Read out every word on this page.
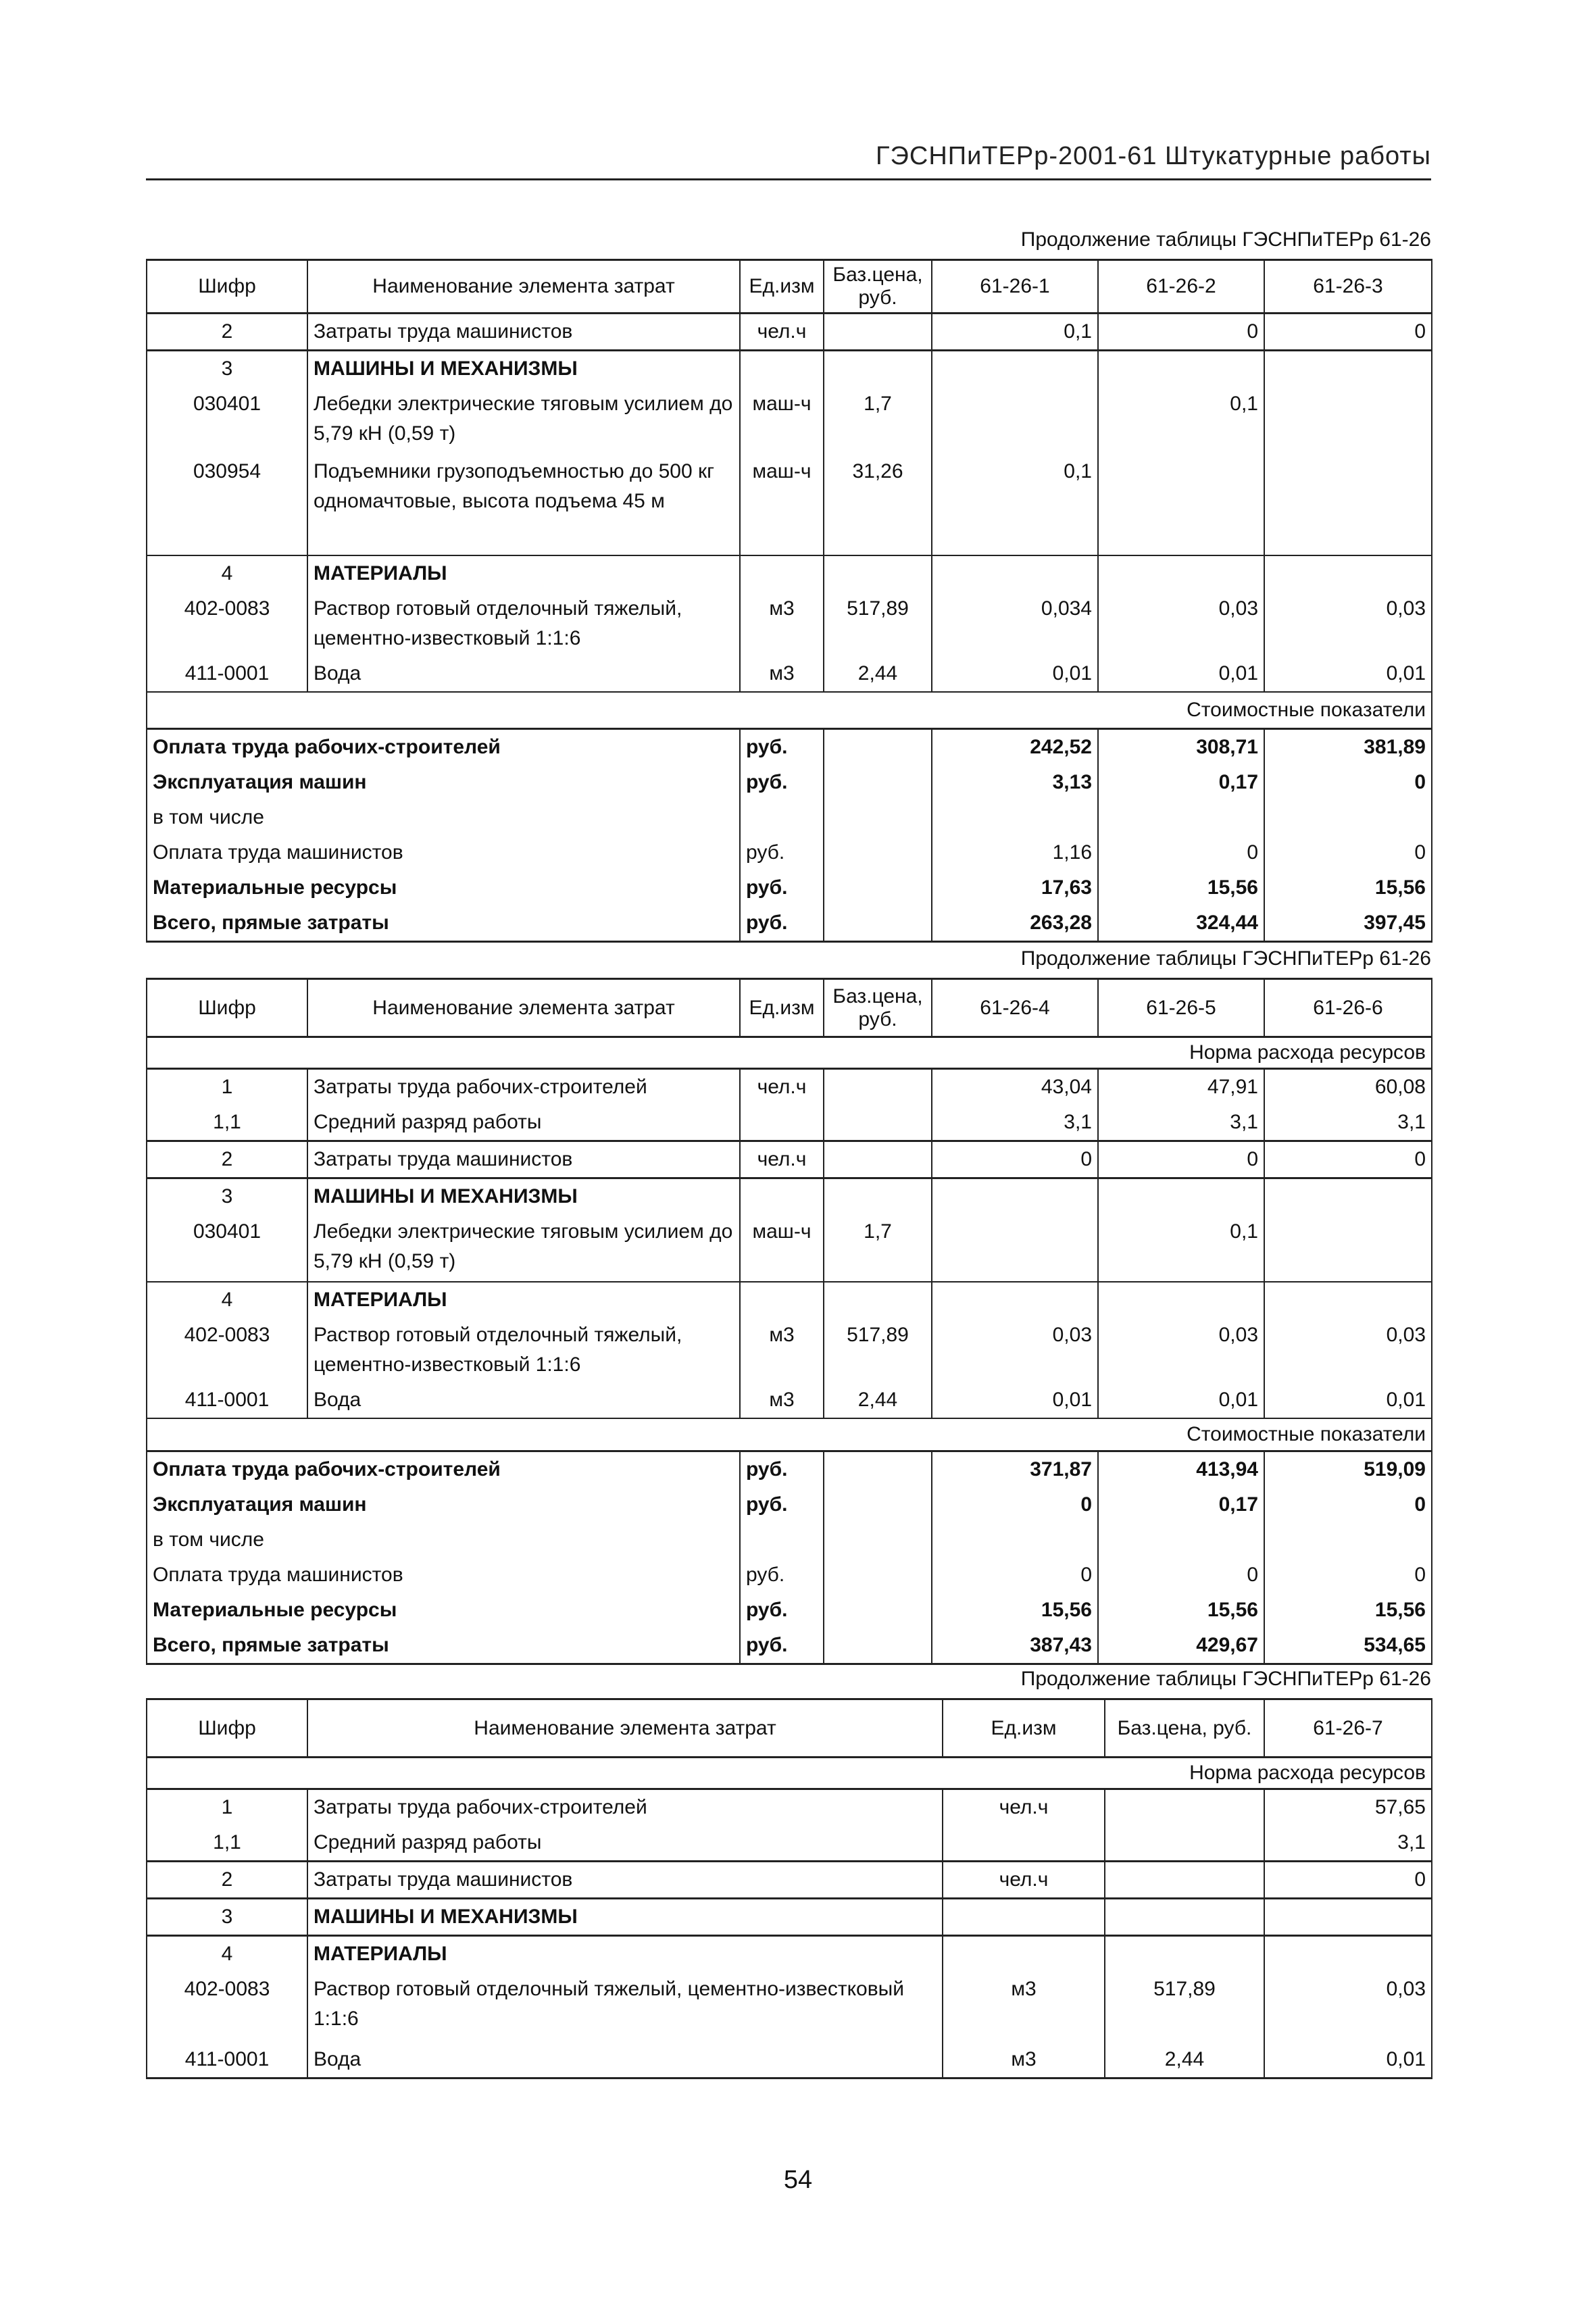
ГЭСНПиТЕРр-2001-61 Штукатурные работы
Продолжение таблицы ГЭСНПиТЕРр 61-26
Шифр	Наименование элемента затрат	Ед.изм	Баз.цена, руб.	61-26-1	61-26-2	61-26-3
2	Затраты труда машинистов	чел.ч		0,1	0	0
3	МАШИНЫ И МЕХАНИЗМЫ					
030401	Лебедки электрические тяговым усилием до 5,79 кН (0,59 т)	маш-ч	1,7		0,1	
030954	Подъемники грузоподъемностью до 500 кг одномачтовые, высота подъема 45 м	маш-ч	31,26	0,1		
4	МАТЕРИАЛЫ					
402-0083	Раствор готовый отделочный тяжелый, цементно-известковый 1:1:6	м3	517,89	0,034	0,03	0,03
411-0001	Вода	м3	2,44	0,01	0,01	0,01
Стоимостные показатели						
Оплата труда рабочих-строителей		руб.		242,52	308,71	381,89
Эксплуатация машин		руб.		3,13	0,17	0
в том числе						
Оплата труда машинистов		руб.		1,16	0	0
Материальные ресурсы		руб.		17,63	15,56	15,56
Всего, прямые затраты		руб.		263,28	324,44	397,45
Продолжение таблицы ГЭСНПиТЕРр 61-26
Шифр	Наименование элемента затрат	Ед.изм	Баз.цена, руб.	61-26-4	61-26-5	61-26-6
Норма расхода ресурсов						
1	Затраты труда рабочих-строителей	чел.ч		43,04	47,91	60,08
1,1	Средний разряд работы			3,1	3,1	3,1
2	Затраты труда машинистов	чел.ч		0	0	0
3	МАШИНЫ И МЕХАНИЗМЫ					
030401	Лебедки электрические тяговым усилием до 5,79 кН (0,59 т)	маш-ч	1,7		0,1	
4	МАТЕРИАЛЫ					
402-0083	Раствор готовый отделочный тяжелый, цементно-известковый 1:1:6	м3	517,89	0,03	0,03	0,03
411-0001	Вода	м3	2,44	0,01	0,01	0,01
Стоимостные показатели						
Оплата труда рабочих-строителей		руб.		371,87	413,94	519,09
Эксплуатация машин		руб.		0	0,17	0
в том числе						
Оплата труда машинистов		руб.		0	0	0
Материальные ресурсы		руб.		15,56	15,56	15,56
Всего, прямые затраты		руб.		387,43	429,67	534,65
Продолжение таблицы ГЭСНПиТЕРр 61-26
Шифр	Наименование элемента затрат	Ед.изм	Баз.цена, руб.	61-26-7
Норма расхода ресурсов				
1	Затраты труда рабочих-строителей	чел.ч		57,65
1,1	Средний разряд работы			3,1
2	Затраты труда машинистов	чел.ч		0
3	МАШИНЫ И МЕХАНИЗМЫ			
4	МАТЕРИАЛЫ			
402-0083	Раствор готовый отделочный тяжелый, цементно-известковый 1:1:6	м3	517,89	0,03
411-0001	Вода	м3	2,44	0,01
54
